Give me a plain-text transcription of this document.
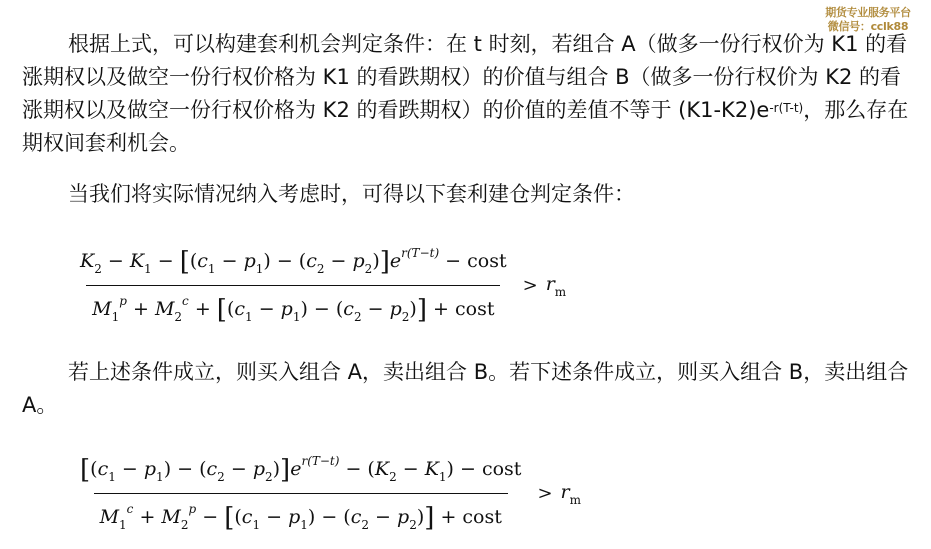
期货专业服务平台
微信号：cclk88

根据上式，可以构建套利机会判定条件：在 t 时刻，若组合 A（做多一份行权价为 K1 的看涨期权以及做空一份行权价格为 K1 的看跌期权）的价值与组合 B（做多一份行权价为 K2 的看涨期权以及做空一份行权价格为 K2 的看跌期权）的价值的差值不等于 $(K1-K2)e^{-r(T-t)}$，那么存在期权间套利机会。

当我们将实际情况纳入考虑时，可得以下套利建仓判定条件：

$\frac{K_2 - K_1 - [(c_1 - p_1) - (c_2 - p_2)]e^{r(T-t)} - \cos t}{M_1^p + M_2^c + [(c_1 - p_1) - (c_2 - p_2)] + \cos t} > r_m$

若上述条件成立，则买入组合 A，卖出组合 B。若下述条件成立，则买入组合 B，卖出组合 A。

$\frac{[(c_1 - p_1) - (c_2 - p_2)]e^{r(T-t)} - (K_2 - K_1) - \cos t}{M_1^c + M_2^p - [(c_1 - p_1) - (c_2 - p_2)] + \cos t} > r_m$
